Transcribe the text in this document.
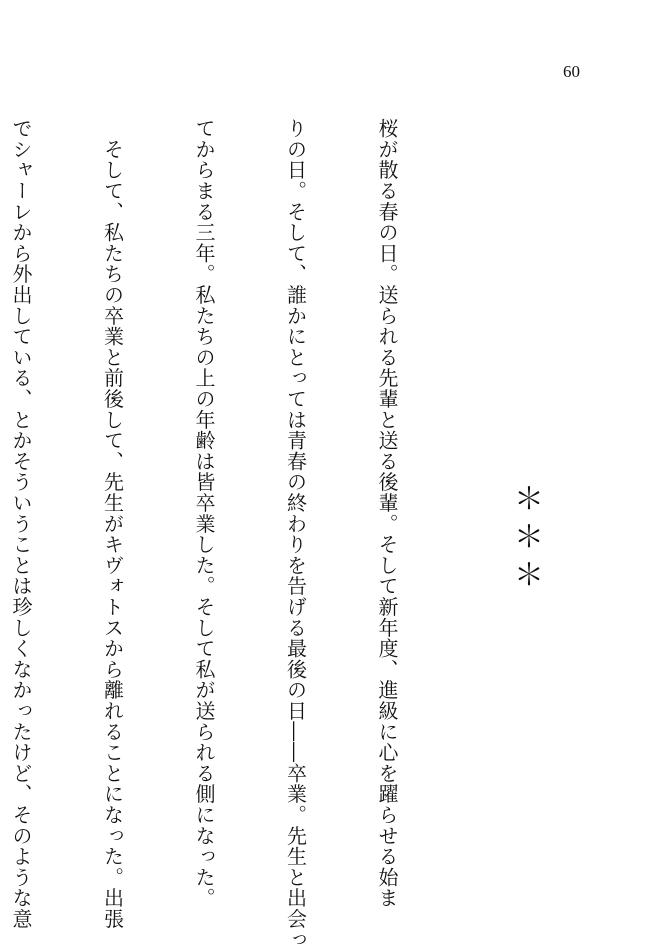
60
＊＊＊

桜が散る春の日。送られる先輩と送る後輩。そして新年度、進級に心を躍らせる始ま

りの日。そして、誰かにとっては青春の終わりを告げる最後の日――卒業。先生と出会っ

てからまる三年。私たちの上の年齢は皆卒業した。そして私が送られる側になった。

　そして、私たちの卒業と前後して、先生がキヴォトスから離れることになった。出張

でシャーレから外出している、とかそういうことは珍しくなかったけど、そのような意
